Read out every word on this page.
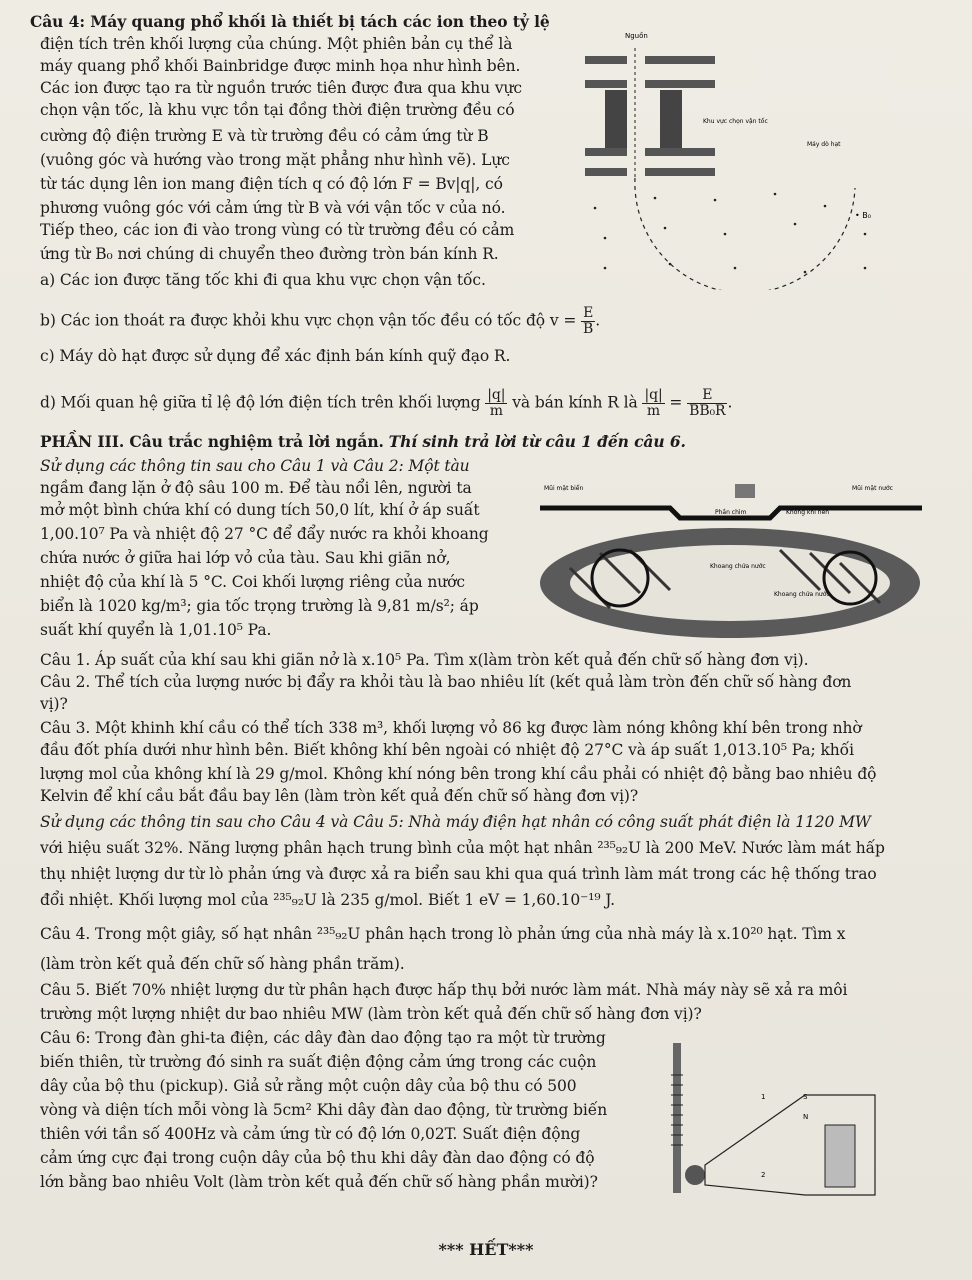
Câu 4: Máy quang phổ khối là thiết bị tách các ion theo tỷ lệ
điện tích trên khối lượng của chúng. Một phiên bản cụ thể là
máy quang phổ khối Bainbridge được minh họa như hình bên.
Các ion được tạo ra từ nguồn trước tiên được đưa qua khu vực
chọn vận tốc, là khu vực tồn tại đồng thời điện trường đều có
cường độ điện trường E và từ trường đều có cảm ứng từ B
(vuông góc và hướng vào trong mặt phẳng như hình vẽ). Lực
từ tác dụng lên ion mang điện tích q có độ lớn F = Bv|q|, có
phương vuông góc với cảm ứng từ B và với vận tốc v của nó.
Tiếp theo, các ion đi vào trong vùng có từ trường đều có cảm
ứng từ B₀ nơi chúng di chuyển theo đường tròn bán kính R.
a) Các ion được tăng tốc khi đi qua khu vực chọn vận tốc.
b) Các ion thoát ra được khỏi khu vực chọn vận tốc đều có tốc độ $v = \frac{E}{B}$ .
c) Máy dò hạt được sử dụng để xác định bán kính quỹ đạo R.
d) Mối quan hệ giữa tỉ lệ độ lớn điện tích trên khối lượng $\frac{|q|}{m}$ và bán kính R là $\frac{|q|}{m} = \frac{E}{\text{BB₀R}}$ .
Nguồn
Khu vực chọn vận tốc
Máy dò hạt
• B₀
PHẦN III. Câu trắc nghiệm trả lời ngắn. Thí sinh trả lời từ câu 1 đến câu 6.
Sử dụng các thông tin sau cho Câu 1 và Câu 2: Một tàu
ngầm đang lặn ở độ sâu 100 m. Để tàu nổi lên, người ta
mở một bình chứa khí có dung tích 50,0 lít, khí ở áp suất
1,00.10⁷ Pa và nhiệt độ 27 °C để đẩy nước ra khỏi khoang
chứa nước ở giữa hai lớp vỏ của tàu. Sau khi giãn nở,
nhiệt độ của khí là 5 °C. Coi khối lượng riêng của nước
biển là 1020 kg/m³; gia tốc trọng trường là 9,81 m/s²; áp
suất khí quyển là 1,01.10⁵ Pa.
Mũi mặt biển	Mũi mặt nước
Phần chìm	Không khí nén
Khoang chứa nước
Khoang chứa nước
Câu 1. Áp suất của khí sau khi giãn nở là x.10⁵ Pa. Tìm x(làm tròn kết quả đến chữ số hàng đơn vị).
Câu 2. Thể tích của lượng nước bị đẩy ra khỏi tàu là bao nhiêu lít (kết quả làm tròn đến chữ số hàng đơn
vị)?
Câu 3. Một khinh khí cầu có thể tích 338 m³, khối lượng vỏ 86 kg được làm nóng không khí bên trong nhờ
đầu đốt phía dưới như hình bên. Biết không khí bên ngoài có nhiệt độ 27°C và áp suất 1,013.10⁵ Pa; khối
lượng mol của không khí là 29 g/mol. Không khí nóng bên trong khí cầu phải có nhiệt độ bằng bao nhiêu độ
Kelvin để khí cầu bắt đầu bay lên (làm tròn kết quả đến chữ số hàng đơn vị)?
Sử dụng các thông tin sau cho Câu 4 và Câu 5: Nhà máy điện hạt nhân có công suất phát điện là 1120 MW
với hiệu suất 32%. Năng lượng phân hạch trung bình của một hạt nhân ²³⁵₉₂U là 200 MeV. Nước làm mát hấp
thụ nhiệt lượng dư từ lò phản ứng và được xả ra biển sau khi qua quá trình làm mát trong các hệ thống trao
đổi nhiệt. Khối lượng mol của ²³⁵₉₂U là 235 g/mol. Biết 1 eV = 1,60.10⁻¹⁹ J.
Câu 4. Trong một giây, số hạt nhân ²³⁵₉₂U phân hạch trong lò phản ứng của nhà máy là x.10²⁰ hạt. Tìm x
(làm tròn kết quả đến chữ số hàng phần trăm).
Câu 5. Biết 70% nhiệt lượng dư từ phân hạch được hấp thụ bởi nước làm mát. Nhà máy này sẽ xả ra môi
trường một lượng nhiệt dư bao nhiêu MW (làm tròn kết quả đến chữ số hàng đơn vị)?
Câu 6: Trong đàn ghi-ta điện, các dây đàn dao động tạo ra một từ trường
biến thiên, từ trường đó sinh ra suất điện động cảm ứng trong các cuộn
dây của bộ thu (pickup). Giả sử rằng một cuộn dây của bộ thu có 500
vòng và diện tích mỗi vòng là 5cm² Khi dây đàn dao động, từ trường biến
thiên với tần số 400Hz và cảm ứng từ có độ lớn 0,02T. Suất điện động
cảm ứng cực đại trong cuộn dây của bộ thu khi dây đàn dao động có độ
lớn bằng bao nhiêu Volt (làm tròn kết quả đến chữ số hàng phần mười)?
1	S
N
2
*** HẾT***
